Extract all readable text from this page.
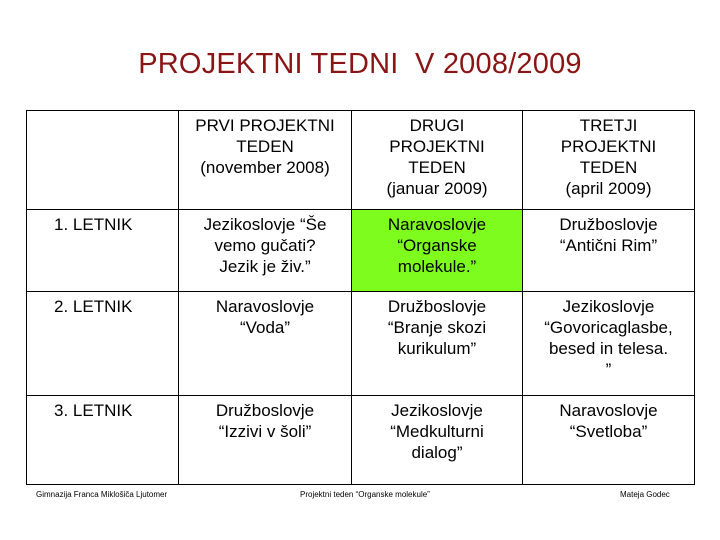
PROJEKTNI TEDNI  V 2008/2009
	PRVI PROJEKTNI
TEDEN
(november 2008)	DRUGI
PROJEKTNI
TEDEN
(januar 2009)	TRETJI
PROJEKTNI
TEDEN
(april 2009)
1. LETNIK	Jezikoslovje “Še
vemo gučati?
Jezik je živ.”	Naravoslovje
“Organske
molekule.”	Družboslovje
“Antični Rim”
2. LETNIK	Naravoslovje
“Voda”	Družboslovje
“Branje skozi
kurikulum”	Jezikoslovje
“Govoricaglasbe,
besed in telesa.
”
3. LETNIK	Družboslovje
“Izzivi v šoli”	Jezikoslovje
“Medkulturni
dialog”	Naravoslovje
“Svetloba”
Gimnazija Franca Miklošiča Ljutomer	Projektni teden “Organske molekule”	Mateja Godec
